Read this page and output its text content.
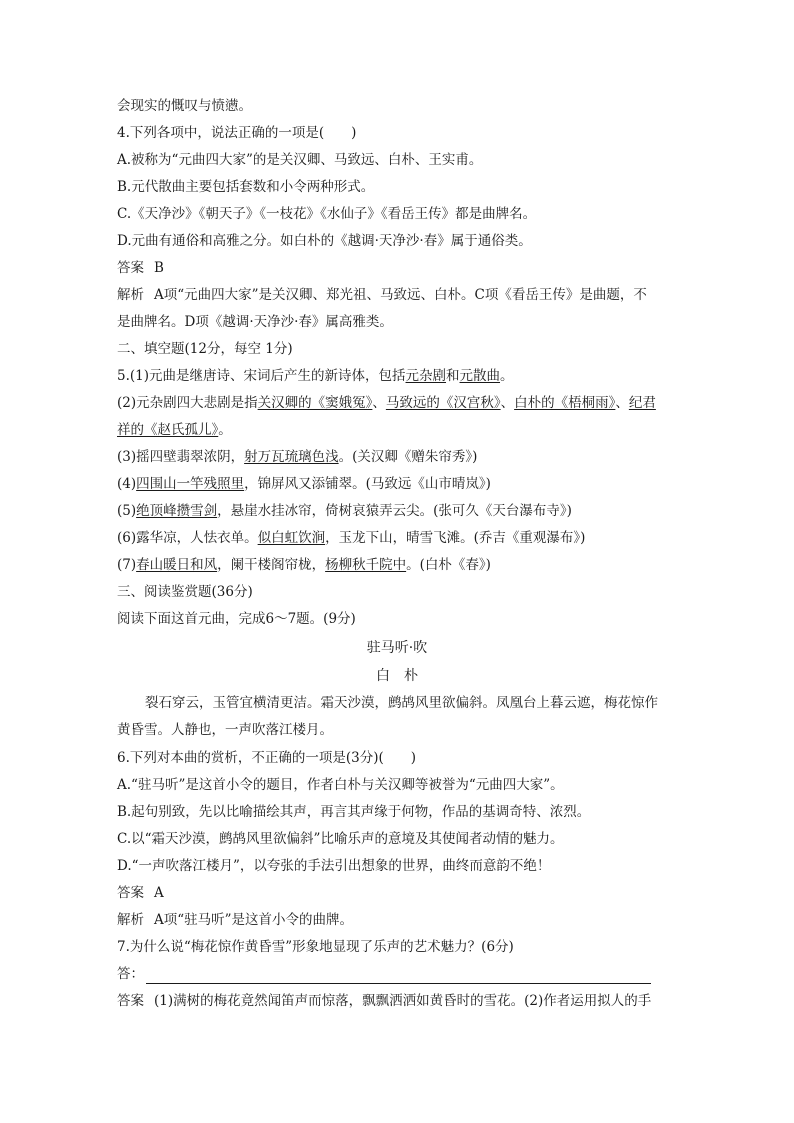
会现实的慨叹与愤懑。
4.下列各项中，说法正确的一项是(　　)
A.被称为“元曲四大家”的是关汉卿、马致远、白朴、王实甫。
B.元代散曲主要包括套数和小令两种形式。
C.《天净沙》《朝天子》《一枝花》《水仙子》《看岳王传》都是曲牌名。
D.元曲有通俗和高雅之分。如白朴的《越调·天净沙·春》属于通俗类。
答案 B
解析 A项“元曲四大家”是关汉卿、郑光祖、马致远、白朴。C项《看岳王传》是曲题，不
是曲牌名。D项《越调·天净沙·春》属高雅类。
二、填空题(12分，每空 1分)
5.(1)元曲是继唐诗、宋词后产生的新诗体，包括元杂剧和元散曲。
(2)元杂剧四大悲剧是指关汉卿的《窦娥冤》、马致远的《汉宫秋》、白朴的《梧桐雨》、纪君
祥的《赵氏孤儿》。
(3)摇四壁翡翠浓阴，射万瓦琉璃色浅。(关汉卿《赠朱帘秀》)
(4)四围山一竿残照里，锦屏风又添铺翠。(马致远《山市晴岚》)
(5)绝顶峰攒雪剑，悬崖水挂冰帘，倚树哀猿弄云尖。(张可久《天台瀑布寺》)
(6)露华凉，人怯衣单。似白虹饮涧，玉龙下山，晴雪飞滩。(乔吉《重观瀑布》)
(7)春山暖日和风，阑干楼阁帘栊，杨柳秋千院中。(白朴《春》)
三、阅读鉴赏题(36分)
阅读下面这首元曲，完成6～7题。(9分)
驻马听·吹
白　朴
裂石穿云，玉管宜横清更洁。霜天沙漠，鹧鸪风里欲偏斜。凤凰台上暮云遮，梅花惊作
黄昏雪。人静也，一声吹落江楼月。
6.下列对本曲的赏析，不正确的一项是(3分)(　　)
A.“驻马听”是这首小令的题目，作者白朴与关汉卿等被誉为“元曲四大家”。
B.起句别致，先以比喻描绘其声，再言其声缘于何物，作品的基调奇特、浓烈。
C.以“霜天沙漠，鹧鸪风里欲偏斜”比喻乐声的意境及其使闻者动情的魅力。
D.“一声吹落江楼月”，以夸张的手法引出想象的世界，曲终而意韵不绝！
答案 A
解析 A项“驻马听”是这首小令的曲牌。
7.为什么说“梅花惊作黄昏雪”形象地显现了乐声的艺术魅力？(6分)
答：
答案 (1)满树的梅花竟然闻笛声而惊落，飘飘洒洒如黄昏时的雪花。(2)作者运用拟人的手
